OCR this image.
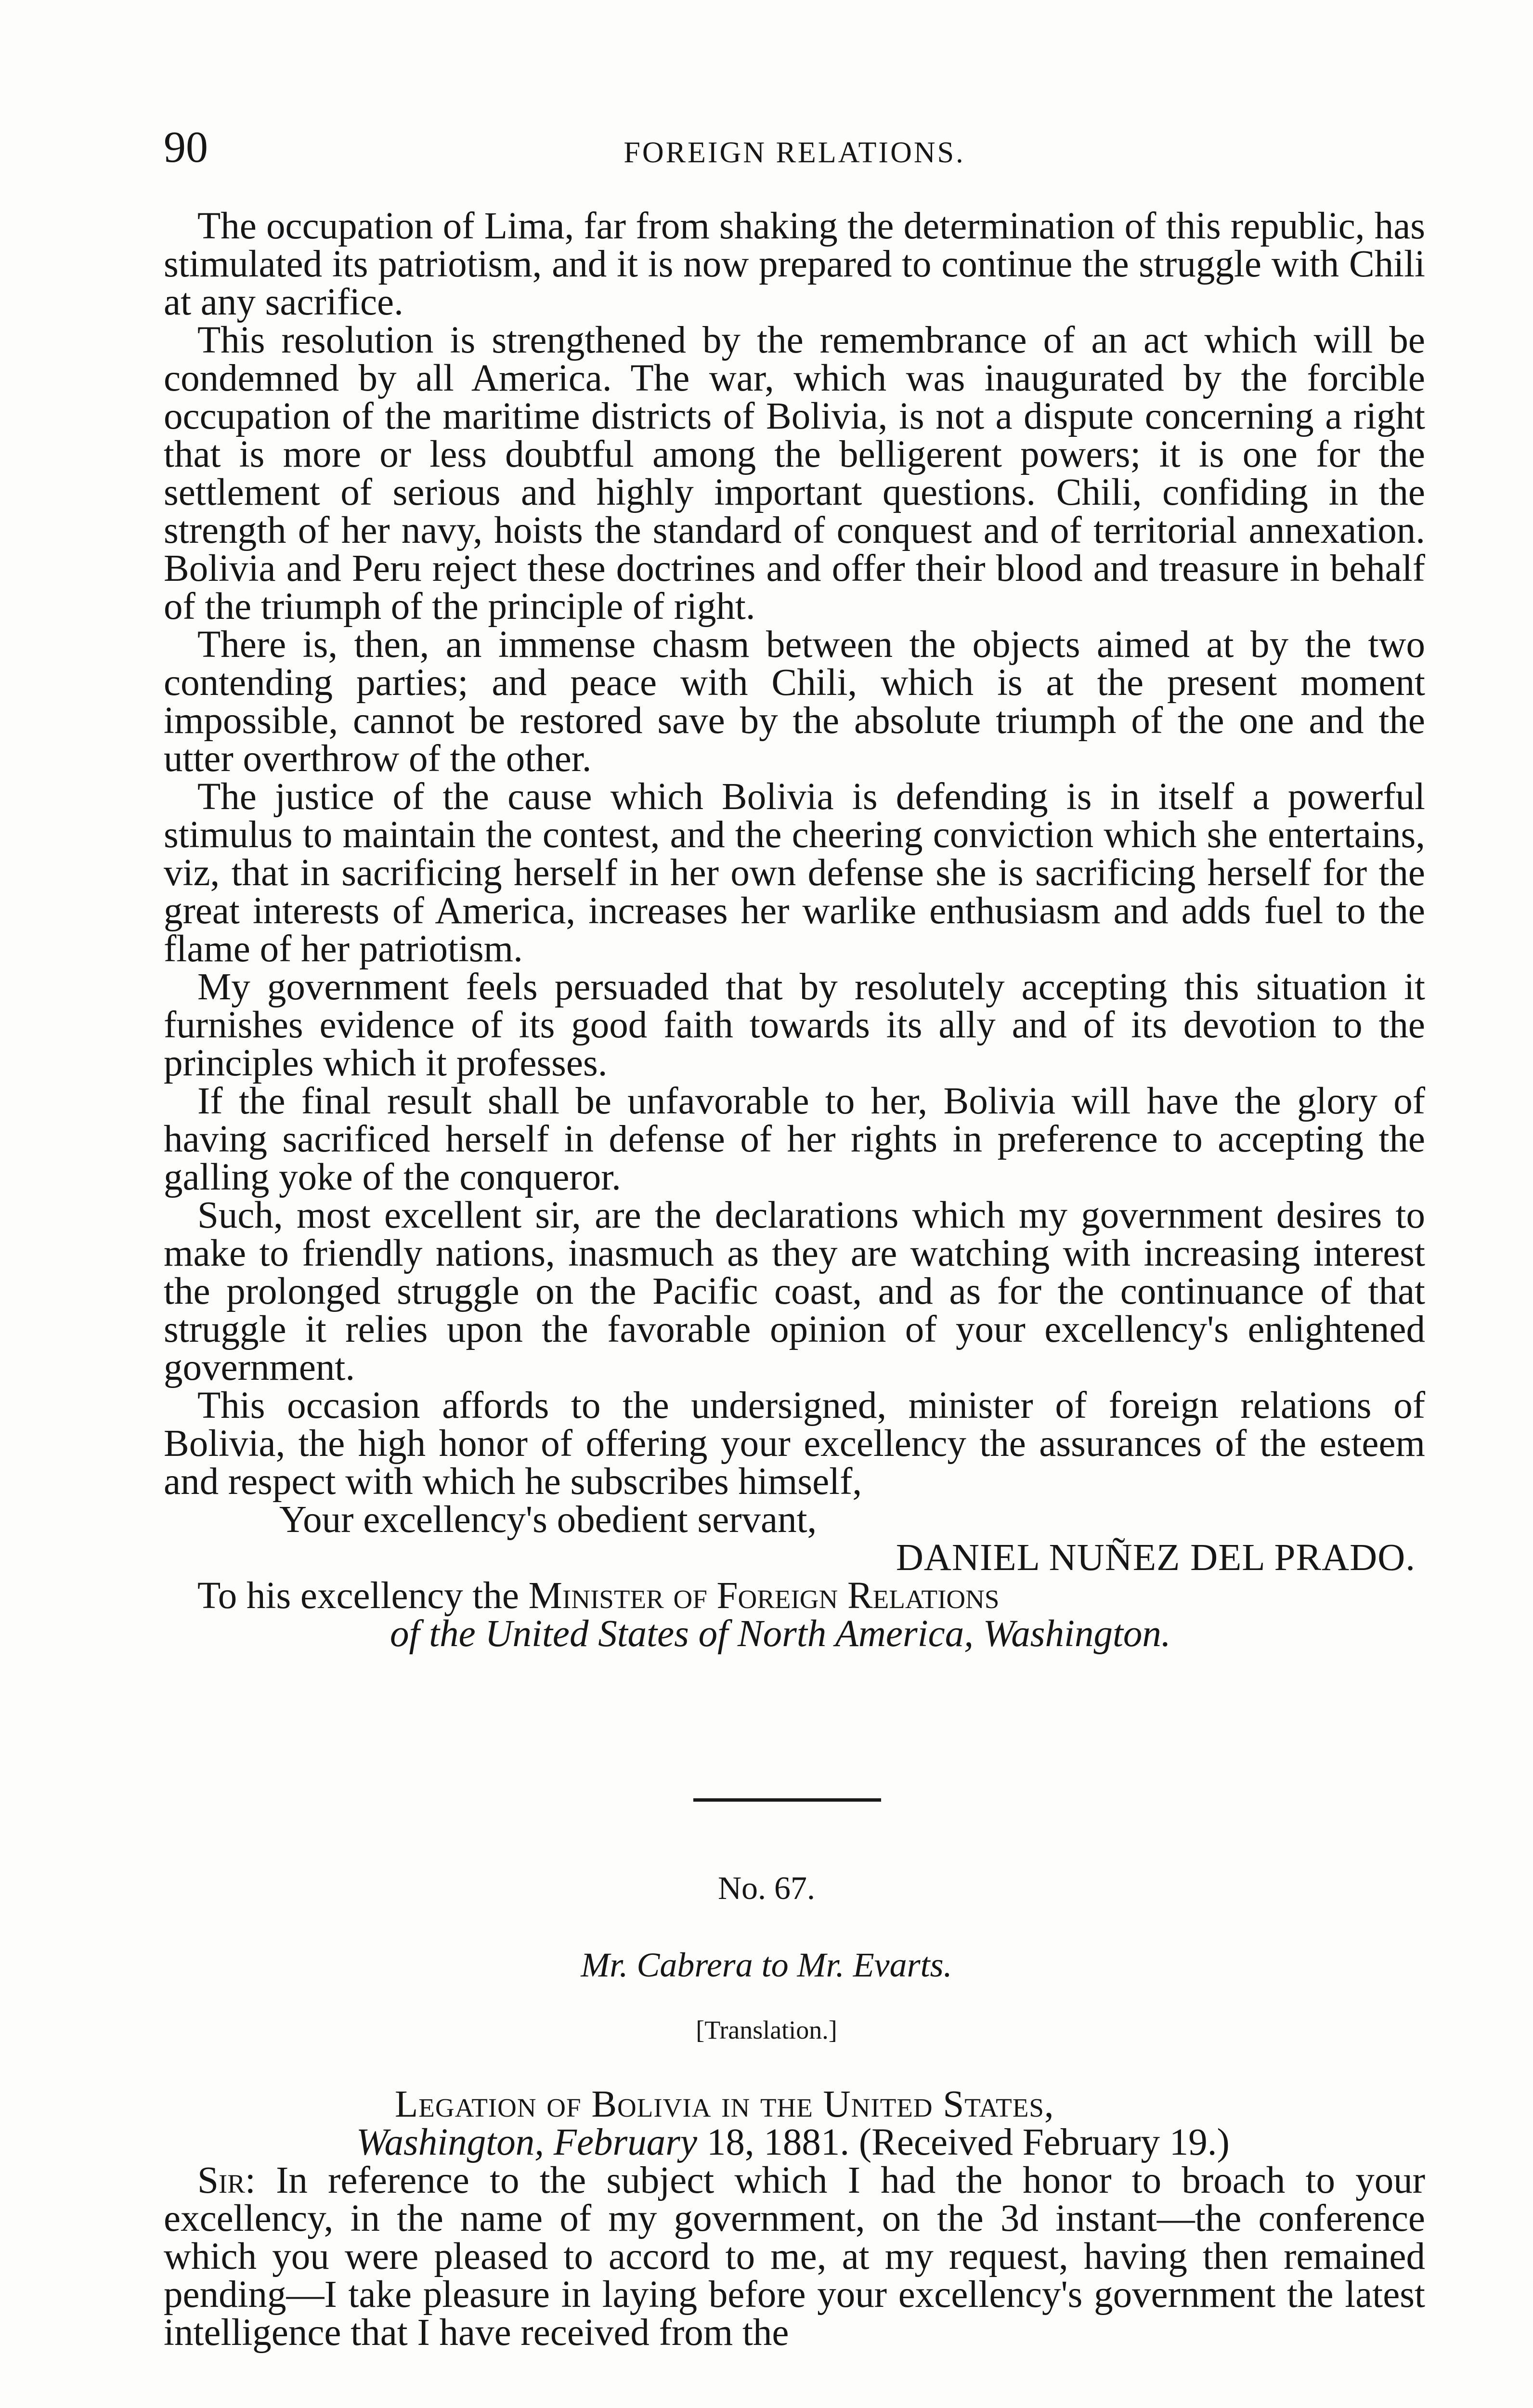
90	FOREIGN RELATIONS.

The occupation of Lima, far from shaking the determination of this republic, has stimulated its patriotism, and it is now prepared to continue the struggle with Chili at any sacrifice.

This resolution is strengthened by the remembrance of an act which will be condemned by all America. The war, which was inaugurated by the forcible occupation of the maritime districts of Bolivia, is not a dispute concerning a right that is more or less doubtful among the belligerent powers; it is one for the settlement of serious and highly important questions. Chili, confiding in the strength of her navy, hoists the standard of conquest and of territorial annexation. Bolivia and Peru reject these doctrines and offer their blood and treasure in behalf of the triumph of the principle of right.

There is, then, an immense chasm between the objects aimed at by the two contending parties; and peace with Chili, which is at the present moment impossible, cannot be restored save by the absolute triumph of the one and the utter overthrow of the other.

The justice of the cause which Bolivia is defending is in itself a powerful stimulus to maintain the contest, and the cheering conviction which she entertains, viz, that in sacrificing herself in her own defense she is sacrificing herself for the great interests of America, increases her warlike enthusiasm and adds fuel to the flame of her patriotism.

My government feels persuaded that by resolutely accepting this situation it furnishes evidence of its good faith towards its ally and of its devotion to the principles which it professes.

If the final result shall be unfavorable to her, Bolivia will have the glory of having sacrificed herself in defense of her rights in preference to accepting the galling yoke of the conqueror.

Such, most excellent sir, are the declarations which my government desires to make to friendly nations, inasmuch as they are watching with increasing interest the prolonged struggle on the Pacific coast, and as for the continuance of that struggle it relies upon the favorable opinion of your excellency's enlightened government.

This occasion affords to the undersigned, minister of foreign relations of Bolivia, the high honor of offering your excellency the assurances of the esteem and respect with which he subscribes himself,

Your excellency's obedient servant,

DANIEL NUÑEZ DEL PRADO.

To his excellency the Minister of Foreign Relations

of the United States of North America, Washington.

No. 67.
Mr. Cabrera to Mr. Evarts.
[Translation.]

Legation of Bolivia in the United States,

Washington, February 18, 1881. (Received February 19.)

Sir: In reference to the subject which I had the honor to broach to your excellency, in the name of my government, on the 3d instant—the conference which you were pleased to accord to me, at my request, having then remained pending—I take pleasure in laying before your excellency's government the latest intelligence that I have received from the
